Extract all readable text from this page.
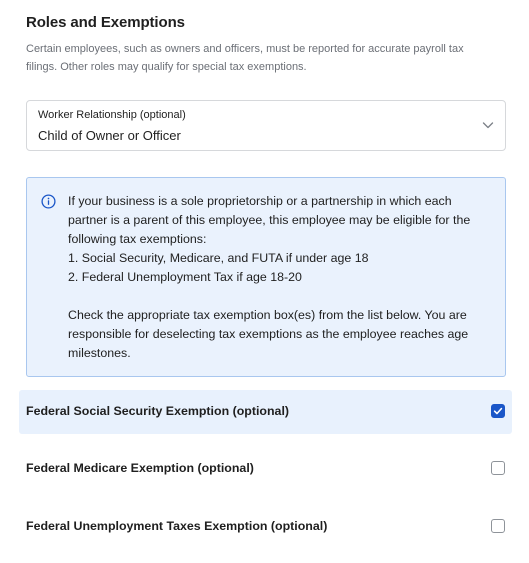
Roles and Exemptions

Certain employees, such as owners and officers, must be reported for accurate payroll tax filings. Other roles may qualify for special tax exemptions.

Worker Relationship (optional)
Child of Owner or Officer

If your business is a sole proprietorship or a partnership in which each partner is a parent of this employee, this employee may be eligible for the following tax exemptions:

1. Social Security, Medicare, and FUTA if under age 18

2. Federal Unemployment Tax if age 18-20

Check the appropriate tax exemption box(es) from the list below. You are responsible for deselecting tax exemptions as the employee reaches age milestones.

Federal Social Security Exemption (optional)
Federal Medicare Exemption (optional)
Federal Unemployment Taxes Exemption (optional)
